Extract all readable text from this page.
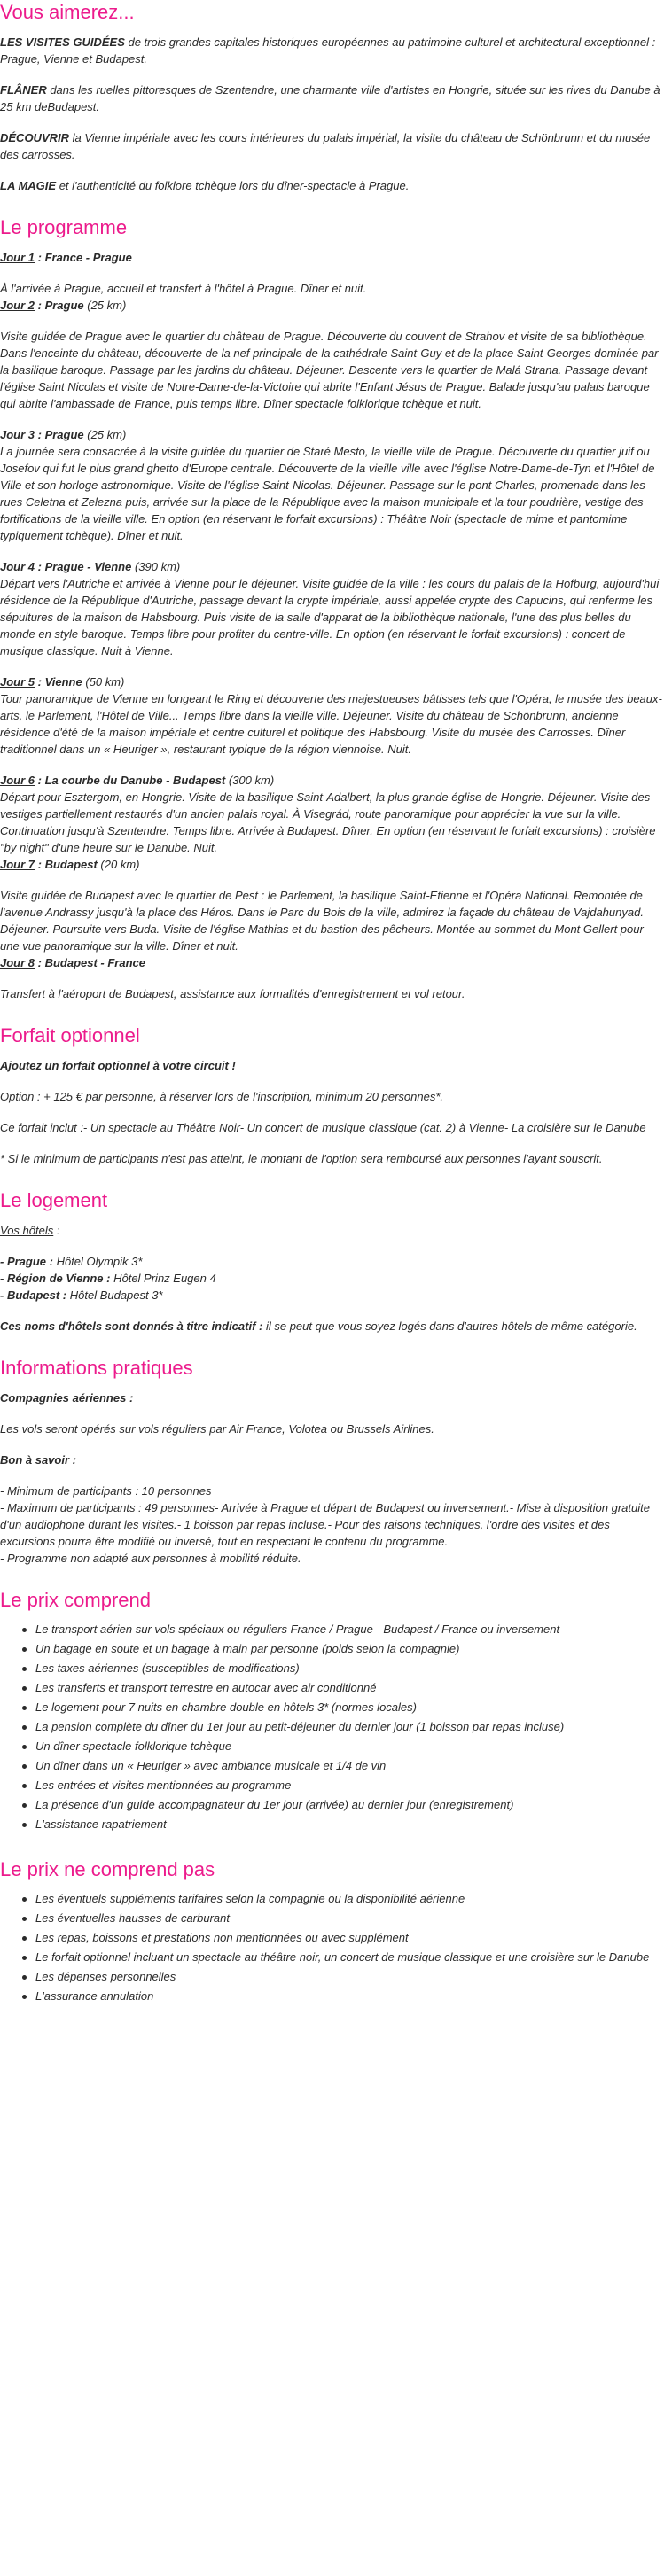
Vous aimerez...

LES VISITES GUIDÉES de trois grandes capitales historiques européennes au patrimoine culturel et architectural exceptionnel : Prague, Vienne et Budapest.

FLÂNER dans les ruelles pittoresques de Szentendre, une charmante ville d'artistes en Hongrie, située sur les rives du Danube à 25 km deBudapest.

DÉCOUVRIR la Vienne impériale avec les cours intérieures du palais impérial, la visite du château de Schönbrunn et du musée des carrosses.

LA MAGIE et l'authenticité du folklore tchèque lors du dîner-spectacle à Prague.

Le programme

Jour 1 : France - Prague

À l'arrivée à Prague, accueil et transfert à l'hôtel à Prague. Dîner et nuit.

Jour 2 : Prague (25 km)

Visite guidée de Prague avec le quartier du château de Prague. Découverte du couvent de Strahov et visite de sa bibliothèque. Dans l'enceinte du château, découverte de la nef principale de la cathédrale Saint-Guy et de la place Saint-Georges dominée par la basilique baroque. Passage par les jardins du château. Déjeuner. Descente vers le quartier de Malá Strana. Passage devant l'église Saint Nicolas et visite de Notre-Dame-de-la-Victoire qui abrite l'Enfant Jésus de Prague. Balade jusqu'au palais baroque qui abrite l'ambassade de France, puis temps libre. Dîner spectacle folklorique tchèque et nuit.

Jour 3 : Prague (25 km)

La journée sera consacrée à la visite guidée du quartier de Staré Mesto, la vieille ville de Prague. Découverte du quartier juif ou Josefov qui fut le plus grand ghetto d'Europe centrale. Découverte de la vieille ville avec l'église Notre-Dame-de-Tyn et l'Hôtel de Ville et son horloge astronomique. Visite de l'église Saint-Nicolas. Déjeuner. Passage sur le pont Charles, promenade dans les rues Celetna et Zelezna puis, arrivée sur la place de la République avec la maison municipale et la tour poudrière, vestige des fortifications de la vieille ville. En option (en réservant le forfait excursions) : Théâtre Noir (spectacle de mime et pantomime typiquement tchèque). Dîner et nuit.

Jour 4 : Prague - Vienne (390 km)

Départ vers l'Autriche et arrivée à Vienne pour le déjeuner. Visite guidée de la ville : les cours du palais de la Hofburg, aujourd'hui résidence de la République d'Autriche, passage devant la crypte impériale, aussi appelée crypte des Capucins, qui renferme les sépultures de la maison de Habsbourg. Puis visite de la salle d'apparat de la bibliothèque nationale, l'une des plus belles du monde en style baroque. Temps libre pour profiter du centre-ville. En option (en réservant le forfait excursions) : concert de musique classique. Nuit à Vienne.

Jour 5 : Vienne (50 km)

Tour panoramique de Vienne en longeant le Ring et découverte des majestueuses bâtisses tels que l'Opéra, le musée des beaux-arts, le Parlement, l'Hôtel de Ville... Temps libre dans la vieille ville. Déjeuner. Visite du château de Schönbrunn, ancienne résidence d'été de la maison impériale et centre culturel et politique des Habsbourg. Visite du musée des Carrosses. Dîner traditionnel dans un « Heuriger », restaurant typique de la région viennoise. Nuit.

Jour 6 : La courbe du Danube - Budapest (300 km)

Départ pour Esztergom, en Hongrie. Visite de la basilique Saint-Adalbert, la plus grande église de Hongrie. Déjeuner. Visite des vestiges partiellement restaurés d'un ancien palais royal. À Visegrád, route panoramique pour apprécier la vue sur la ville. Continuation jusqu'à Szentendre. Temps libre. Arrivée à Budapest. Dîner. En option (en réservant le forfait excursions) : croisière "by night" d'une heure sur le Danube. Nuit.

Jour 7 : Budapest (20 km)

Visite guidée de Budapest avec le quartier de Pest : le Parlement, la basilique Saint-Etienne et l'Opéra National. Remontée de l'avenue Andrassy jusqu'à la place des Héros. Dans le Parc du Bois de la ville, admirez la façade du château de Vajdahunyad. Déjeuner. Poursuite vers Buda. Visite de l'église Mathias et du bastion des pêcheurs. Montée au sommet du Mont Gellert pour une vue panoramique sur la ville. Dîner et nuit.

Jour 8 : Budapest - France

Transfert à l'aéroport de Budapest, assistance aux formalités d'enregistrement et vol retour.

Forfait optionnel

Ajoutez un forfait optionnel à votre circuit !

Option : + 125 € par personne, à réserver lors de l'inscription, minimum 20 personnes*.

Ce forfait inclut :- Un spectacle au Théâtre Noir- Un concert de musique classique (cat. 2) à Vienne- La croisière sur le Danube

* Si le minimum de participants n'est pas atteint, le montant de l'option sera remboursé aux personnes l'ayant souscrit.

Le logement

Vos hôtels :

- Prague : Hôtel Olympik 3*

- Région de Vienne : Hôtel Prinz Eugen 4

- Budapest : Hôtel Budapest 3*

Ces noms d'hôtels sont donnés à titre indicatif : il se peut que vous soyez logés dans d'autres hôtels de même catégorie.

Informations pratiques

Compagnies aériennes :

Les vols seront opérés sur vols réguliers par Air France, Volotea ou Brussels Airlines.

Bon à savoir :

- Minimum de participants : 10 personnes

- Maximum de participants : 49 personnes- Arrivée à Prague et départ de Budapest ou inversement.- Mise à disposition gratuite d'un audiophone durant les visites.- 1 boisson par repas incluse.- Pour des raisons techniques, l'ordre des visites et des excursions pourra être modifié ou inversé, tout en respectant le contenu du programme.

- Programme non adapté aux personnes à mobilité réduite.

Le prix comprend
Le transport aérien sur vols spéciaux ou réguliers France / Prague - Budapest / France ou inversement
Un bagage en soute et un bagage à main par personne (poids selon la compagnie)
Les taxes aériennes (susceptibles de modifications)
Les transferts et transport terrestre en autocar avec air conditionné
Le logement pour 7 nuits en chambre double en hôtels 3* (normes locales)
La pension complète du dîner du 1er jour au petit-déjeuner du dernier jour (1 boisson par repas incluse)
Un dîner spectacle folklorique tchèque
Un dîner dans un « Heuriger » avec ambiance musicale et 1/4 de vin
Les entrées et visites mentionnées au programme
La présence d'un guide accompagnateur du 1er jour (arrivée) au dernier jour (enregistrement)
L'assistance rapatriement
Le prix ne comprend pas
Les éventuels suppléments tarifaires selon la compagnie ou la disponibilité aérienne
Les éventuelles hausses de carburant
Les repas, boissons et prestations non mentionnées ou avec supplément
Le forfait optionnel incluant un spectacle au théâtre noir, un concert de musique classique et une croisière sur le Danube
Les dépenses personnelles
L'assurance annulation
